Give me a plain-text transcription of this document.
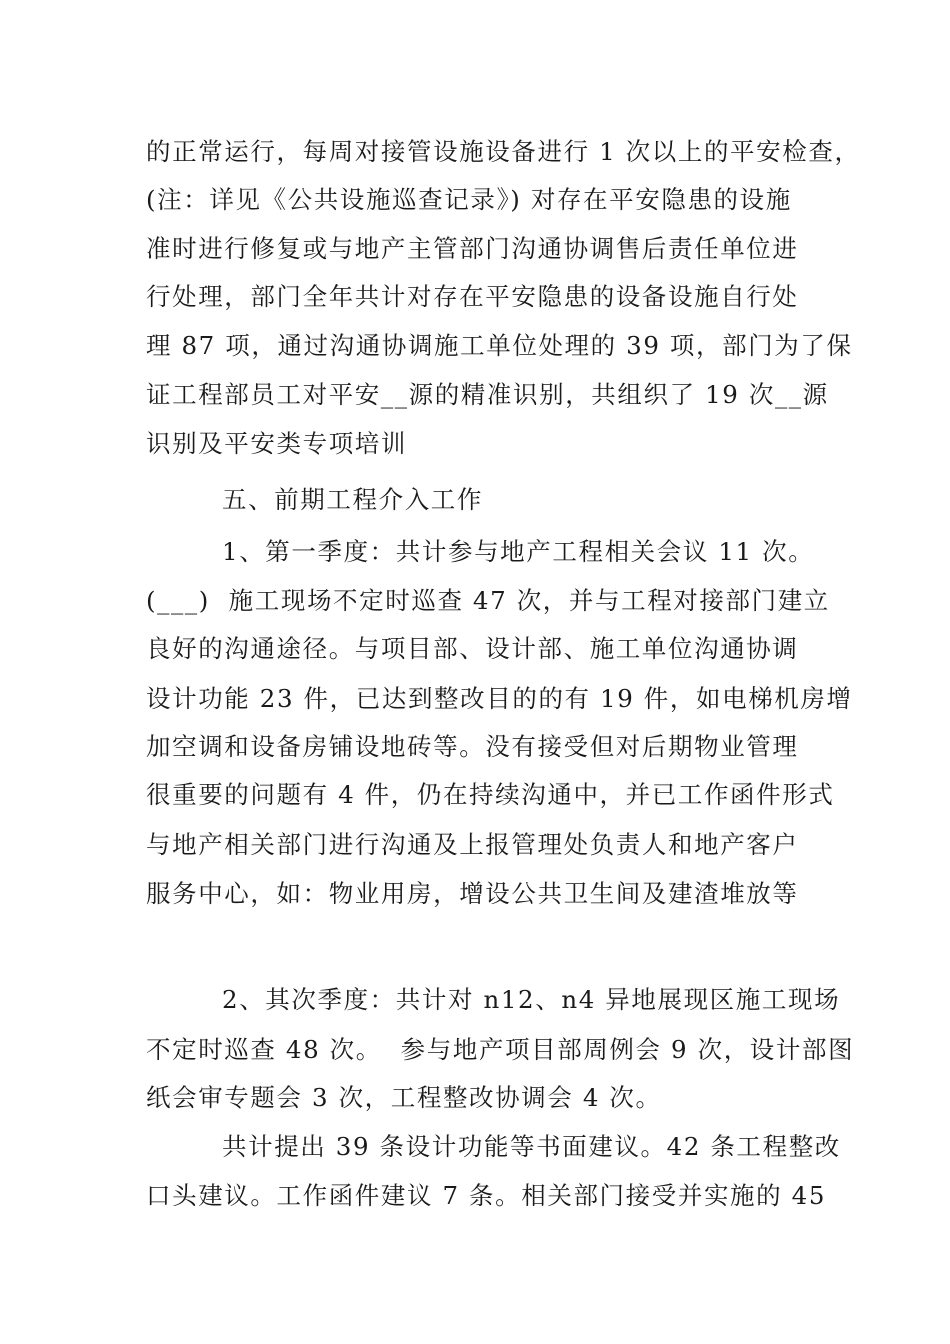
的正常运行，每周对接管设施设备进行 1 次以上的平安检查，
(注：详见《公共设施巡查记录》) 对存在平安隐患的设施
准时进行修复或与地产主管部门沟通协调售后责任单位进
行处理，部门全年共计对存在平安隐患的设备设施自行处
理 87 项，通过沟通协调施工单位处理的 39 项，部门为了保
证工程部员工对平安__源的精准识别，共组织了 19 次__源
识别及平安类专项培训
五、前期工程介入工作
1、第一季度：共计参与地产工程相关会议 11 次。
(___)  施工现场不定时巡查 47 次，并与工程对接部门建立
良好的沟通途径。与项目部、设计部、施工单位沟通协调
设计功能 23 件，已达到整改目的的有 19 件，如电梯机房增
加空调和设备房铺设地砖等。没有接受但对后期物业管理
很重要的问题有 4 件，仍在持续沟通中，并已工作函件形式
与地产相关部门进行沟通及上报管理处负责人和地产客户
服务中心，如：物业用房，增设公共卫生间及建渣堆放等
2、其次季度：共计对 n12、n4 异地展现区施工现场
不定时巡查 48 次。  参与地产项目部周例会 9 次，设计部图
纸会审专题会 3 次，工程整改协调会 4 次。
共计提出 39 条设计功能等书面建议。42 条工程整改
口头建议。工作函件建议 7 条。相关部门接受并实施的 45
